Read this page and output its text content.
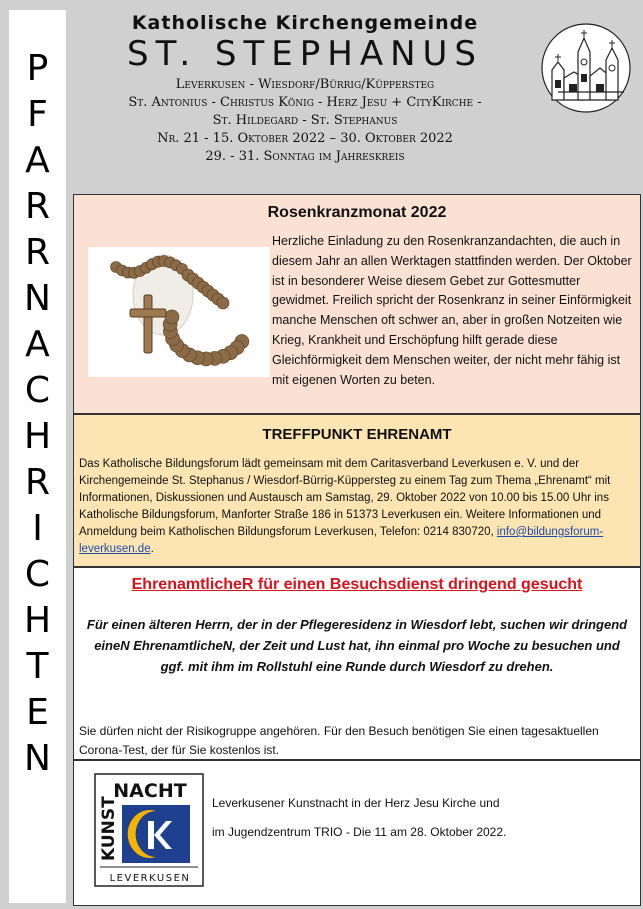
P
F
A
R
R
N
A
C
H
R
I
C
H
T
E
N
Katholische Kirchengemeinde
ST. STEPHANUS
Leverkusen - Wiesdorf/Bürrig/Küppersteg
St. Antonius - Christus König - Herz Jesu + CityKirche -
St. Hildegard - St. Stephanus
Nr. 21 - 15. Oktober 2022 – 30. Oktober 2022
29. - 31. Sonntag im Jahreskreis
Rosenkranzmonat 2022
Herzliche Einladung zu den Rosenkranzandachten, die auch in diesem Jahr an allen Werktagen stattfinden werden. Der Oktober ist in besonderer Weise diesem Gebet zur Gottesmutter gewidmet. Freilich spricht der Rosenkranz in seiner Einförmigkeit manche Menschen oft schwer an, aber in großen Notzeiten wie Krieg, Krankheit und Erschöpfung hilft gerade diese Gleichförmigkeit dem Menschen weiter, der nicht mehr fähig ist mit eigenen Worten zu beten.
TREFFPUNKT EHRENAMT
Das Katholische Bildungsforum lädt gemeinsam mit dem Caritasverband Leverkusen e. V. und der Kirchengemeinde St. Stephanus / Wiesdorf-Bürrig-Küppersteg zu einem Tag zum Thema „Ehrenamt“ mit Informationen, Diskussionen und Austausch am Samstag, 29. Oktober 2022 von 10.00 bis 15.00 Uhr ins Katholische Bildungsforum, Manforter Straße 186 in 51373 Leverkusen ein. Weitere Informationen und Anmeldung beim Katholischen Bildungsforum Leverkusen, Telefon: 0214 830720, info@bildungsforum-leverkusen.de.
EhrenamtlicheR für einen Besuchsdienst dringend gesucht
Für einen älteren Herrn, der in der Pflegeresidenz in Wiesdorf lebt, suchen wir dringend eineN EhrenamtlicheN, der Zeit und Lust hat, ihn einmal pro Woche zu besuchen und ggf. mit ihm im Rollstuhl eine Runde durch Wiesdorf zu drehen.
Sie dürfen nicht der Risikogruppe angehören. Für den Besuch benötigen Sie einen tagesaktuellen Corona-Test, der für Sie kostenlos ist.
NACHT
KUNST
LEVERKUSEN
Leverkusener Kunstnacht in der Herz Jesu Kirche und
im Jugendzentrum TRIO - Die 11 am 28. Oktober 2022.
